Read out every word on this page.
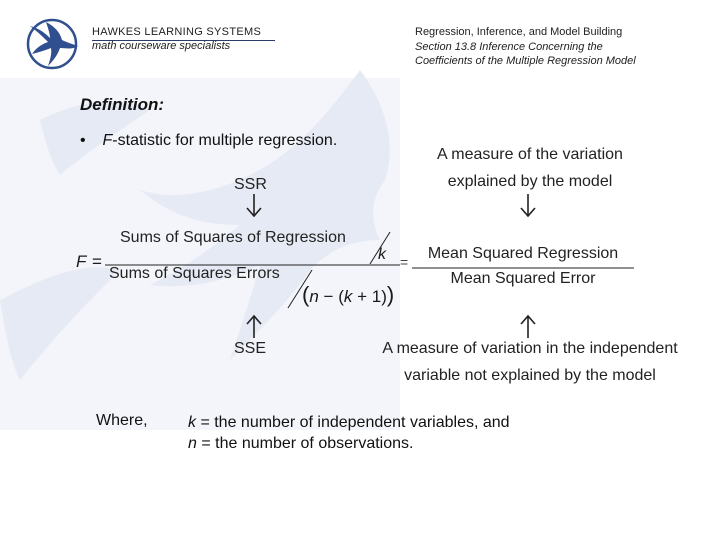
HAWKES LEARNING SYSTEMS
math courseware specialists
Regression, Inference, and Model Building
Section 13.8 Inference Concerning the
Coefficients of the Multiple Regression Model
Definition:
• F-statistic for multiple regression.
SSR
A measure of the variation
explained by the model
F =
Sums of Squares of Regression
k
Sums of Squares Errors
(n − (k + 1))
=	Mean Squared Regression
Mean Squared Error
SSE	A measure of variation in the independent
variable not explained by the model
Where,	k = the number of independent variables, and
n = the number of observations.
